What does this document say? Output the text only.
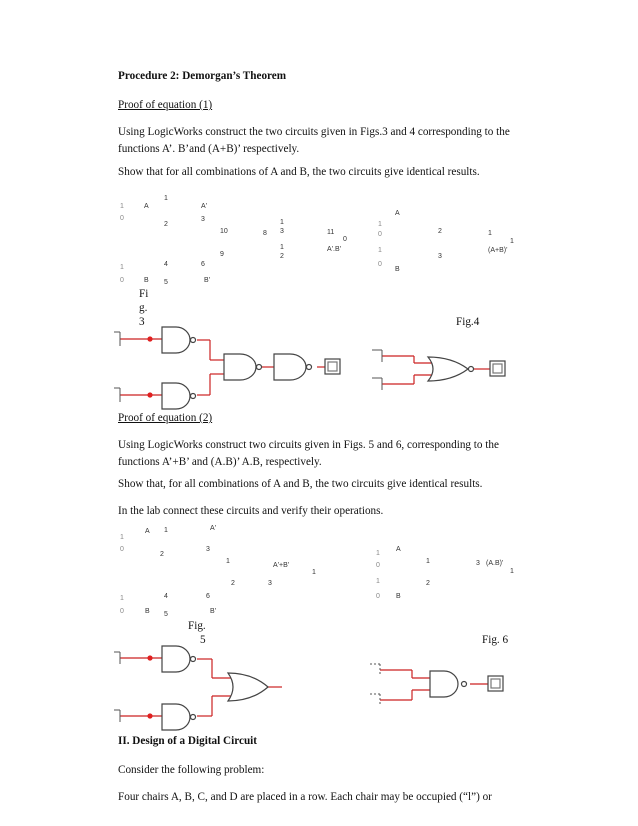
Procedure 2: Demorgan’s Theorem
Proof of equation (1)
Using LogicWorks construct the two circuits given in Figs.3 and 4 corresponding to the functions A’. B’and (A+B)’ respectively.
Show that for all combinations of A and B, the two circuits give identical results.
1
0
A
1
2
A'
3
10
9
8
1
3
1
2
11
0
A'.B'
4	6
1
0	B 5	B'
A
1
0	2	1
1
(A+B)'
1
3
0
B
Fi
g.
3	Fig.4
Proof of equation (2)
Using LogicWorks construct two circuits given in Figs. 5 and 6, corresponding to the functions A’+B’ and (A.B)’ A.B, respectively.
Show that, for all combinations of A and B, the two circuits give identical results.
In the lab connect these circuits and verify their operations.
1
A 1	A'
0
2
3
1
A'+B'
1
2	3
1	4	6
0	B 5	B'
1
A
0
1	3 (A.B)'
1
1	2
0 B
Fig.
5	Fig. 6
II. Design of a Digital Circuit
Consider the following problem:
Four chairs A, B, C, and D are placed in a row. Each chair may be occupied (“l”) or
